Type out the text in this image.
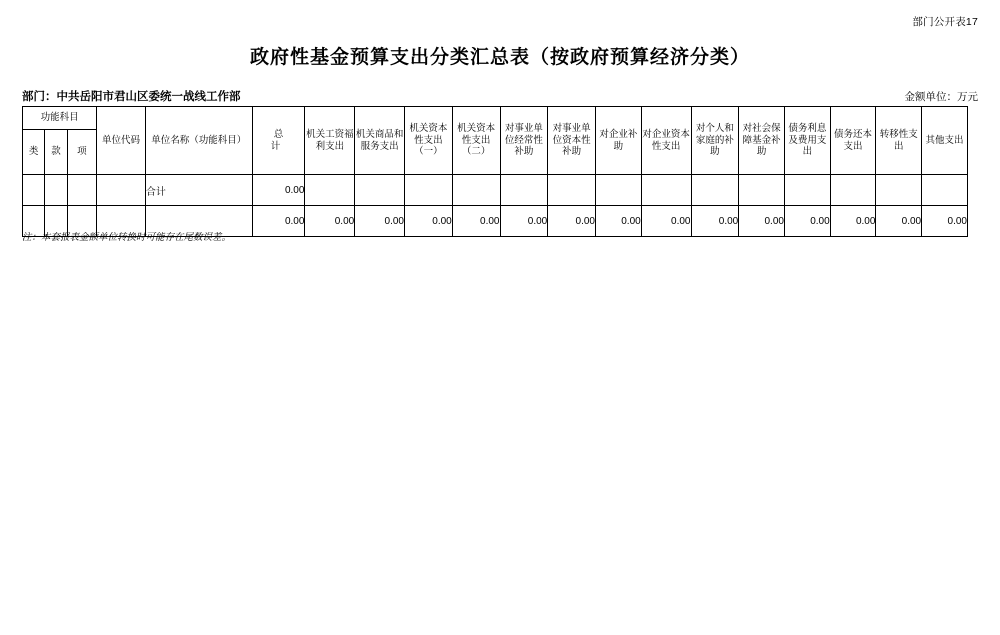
部门公开表17
政府性基金预算支出分类汇总表（按政府预算经济分类）
部门：中共岳阳市君山区委统一战线工作部	金额单位：万元
功能科目			单位代码	单位名称（功能科目）	总　计	机关工资福利支出	机关商品和服务支出	机关资本性支出（一）	机关资本性支出（二）	对事业单位经常性补助	对事业单位资本性补助	对企业补助	对企业资本性支出	对个人和家庭的补助	对社会保障基金补助	债务利息及费用支出	债务还本支出	转移性支出	其他支出
类	款	项																	
				合计	0.00														
					0.00	0.00	0.00	0.00	0.00	0.00	0.00	0.00	0.00	0.00	0.00	0.00	0.00	0.00	0.00
注：本套报表金额单位转换时可能存在尾数误差。
